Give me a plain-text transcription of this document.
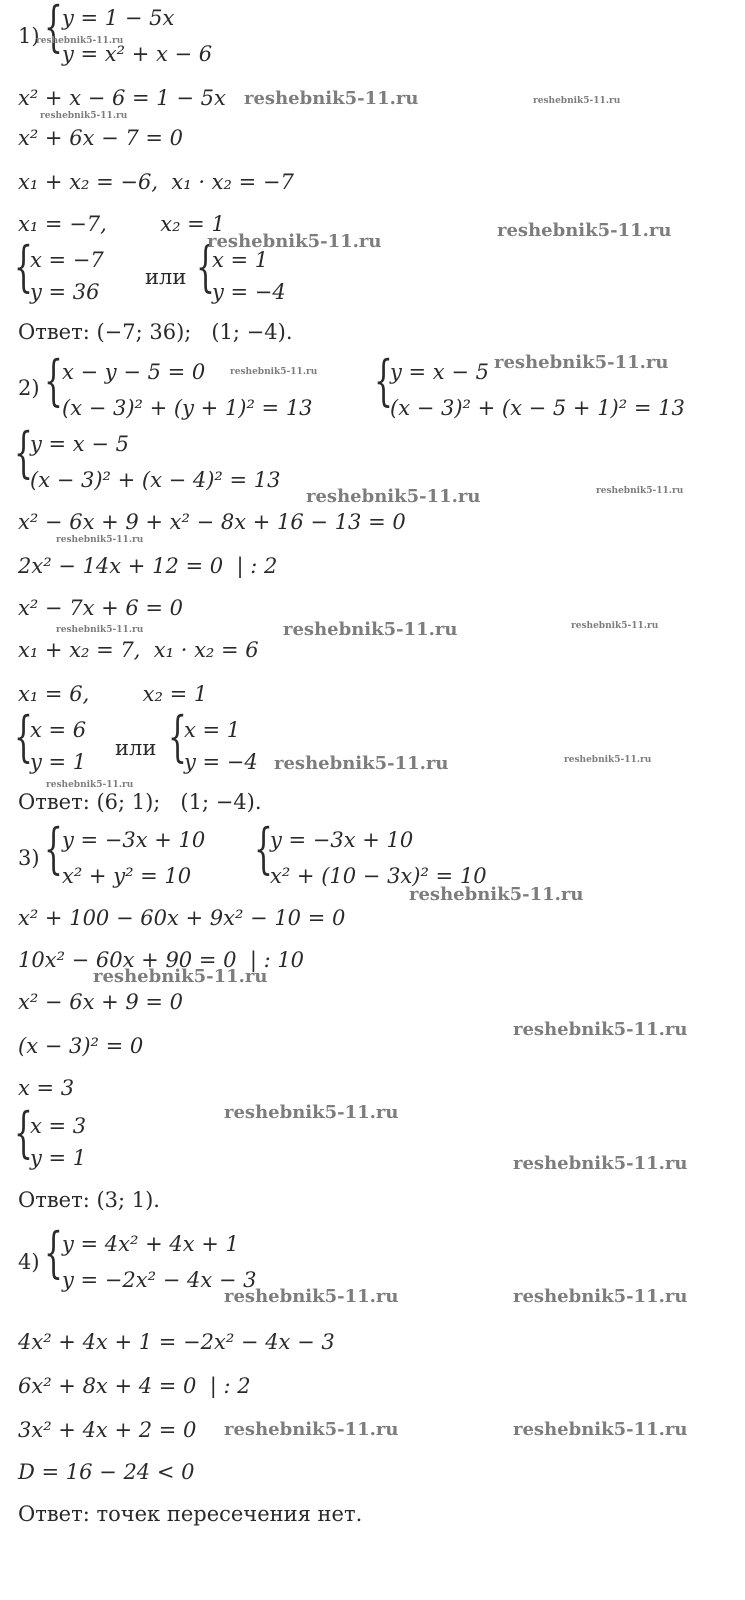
1) { y = 1 − 5x
y = x² + x − 6
x² + x − 6 = 1 − 5x
x² + 6x − 7 = 0
x₁ + x₂ = −6,  x₁ · x₂ = −7
x₁ = −7,        x₂ = 1
{
x = −7
y = 36
или {
x = 1
y = −4
Ответ: (−7; 36);   (1; −4).
2) { x − y − 5 = 0
(x − 3)² + (y + 1)² = 13 {
y = x − 5
(x − 3)² + (x − 5 + 1)² = 13
{
y = x − 5
(x − 3)² + (x − 4)² = 13
x² − 6x + 9 + x² − 8x + 16 − 13 = 0
2x² − 14x + 12 = 0  | : 2
x² − 7x + 6 = 0
x₁ + x₂ = 7,  x₁ · x₂ = 6
x₁ = 6,        x₂ = 1
{
x = 6
y = 1
или {
x = 1
y = −4
Ответ: (6; 1);   (1; −4).
3) { y = −3x + 10
x² + y² = 10 {
y = −3x + 10
x² + (10 − 3x)² = 10
x² + 100 − 60x + 9x² − 10 = 0
10x² − 60x + 90 = 0  | : 10
x² − 6x + 9 = 0
(x − 3)² = 0
x = 3
{
x = 3
y = 1
Ответ: (3; 1).
4) { y = 4x² + 4x + 1
y = −2x² − 4x − 3
4x² + 4x + 1 = −2x² − 4x − 3
6x² + 8x + 4 = 0  | : 2
3x² + 4x + 2 = 0
D = 16 − 24 < 0
Ответ: точек пересечения нет.
reshebnik5-11.ru
reshebnik5-11.ru	reshebnik5-11.ru
reshebnik5-11.ru
reshebnik5-11.ru
reshebnik5-11.ru
reshebnik5-11.ru	reshebnik5-11.ru
reshebnik5-11.ru	reshebnik5-11.ru
reshebnik5-11.ru
reshebnik5-11.ru	reshebnik5-11.ru	reshebnik5-11.ru
reshebnik5-11.ru	reshebnik5-11.ru
reshebnik5-11.ru
reshebnik5-11.ru
reshebnik5-11.ru
reshebnik5-11.ru
reshebnik5-11.ru
reshebnik5-11.ru
reshebnik5-11.ru	reshebnik5-11.ru
reshebnik5-11.ru	reshebnik5-11.ru
